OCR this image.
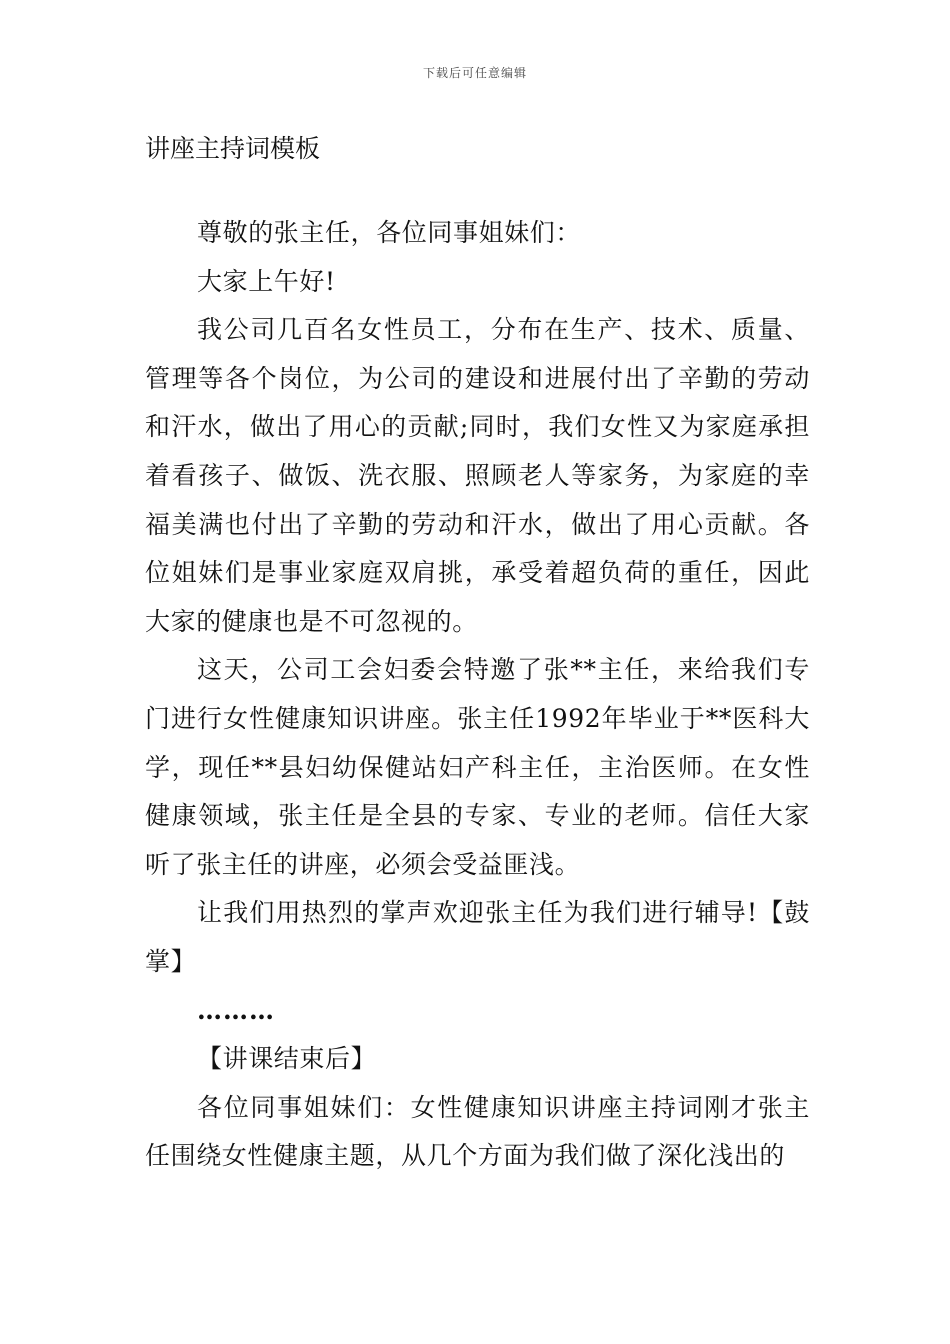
下载后可任意编辑
讲座主持词模板

尊敬的张主任，各位同事姐妹们：

大家上午好!

我公司几百名女性员工，分布在生产、技术、质量、管理等各个岗位，为公司的建设和进展付出了辛勤的劳动和汗水，做出了用心的贡献;同时，我们女性又为家庭承担着看孩子、做饭、洗衣服、照顾老人等家务，为家庭的幸福美满也付出了辛勤的劳动和汗水，做出了用心贡献。各位姐妹们是事业家庭双肩挑，承受着超负荷的重任，因此大家的健康也是不可忽视的。

这天，公司工会妇委会特邀了张**主任，来给我们专门进行女性健康知识讲座。张主任1992年毕业于**医科大学，现任**县妇幼保健站妇产科主任，主治医师。在女性健康领域，张主任是全县的专家、专业的老师。信任大家听了张主任的讲座，必须会受益匪浅。

让我们用热烈的掌声欢迎张主任为我们进行辅导!【鼓掌】

………

【讲课结束后】

各位同事姐妹们：女性健康知识讲座主持词刚才张主任围绕女性健康主题，从几个方面为我们做了深化浅出的
